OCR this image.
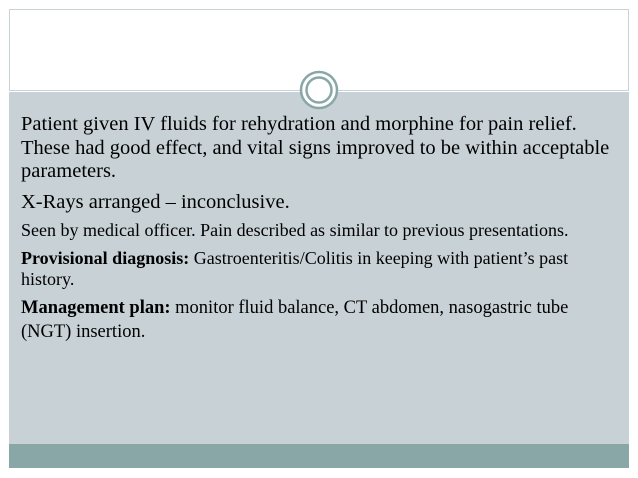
Patient given IV fluids for rehydration and morphine for pain relief. These had good effect, and vital signs improved to be within acceptable parameters.

X-Rays arranged – inconclusive.

Seen by medical officer. Pain described as similar to previous presentations.

Provisional diagnosis: Gastroenteritis/Colitis in keeping with patient’s past history.

Management plan: monitor fluid balance, CT abdomen, nasogastric tube (NGT) insertion.
